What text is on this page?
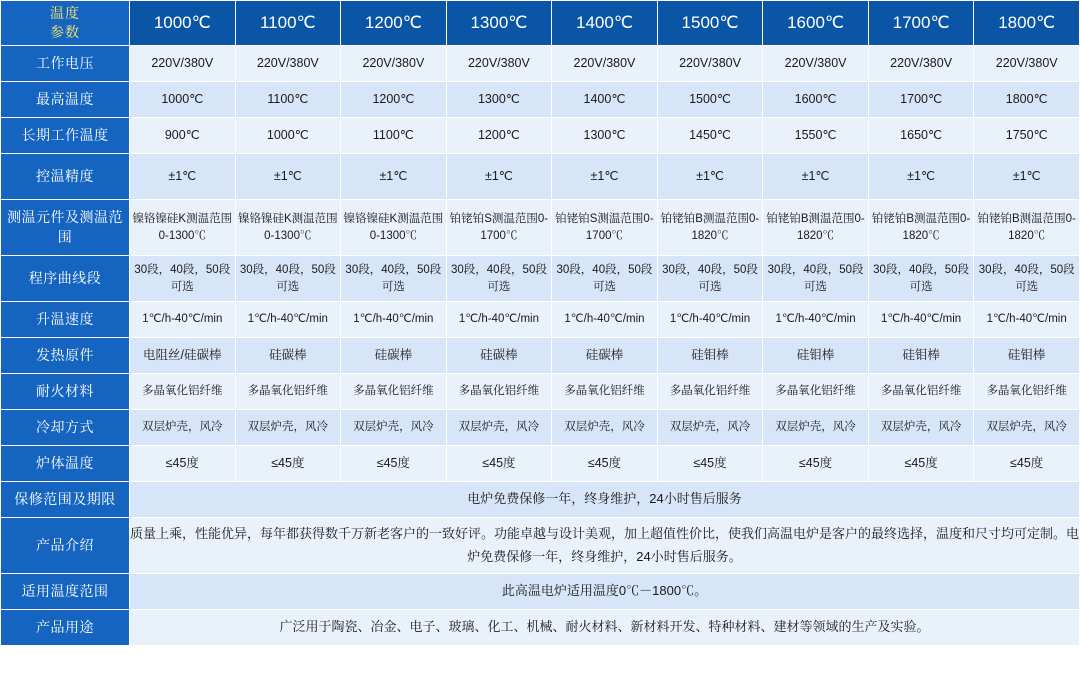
温度
参数	1000℃	1100℃	1200℃	1300℃	1400℃	1500℃	1600℃	1700℃	1800℃
工作电压	220V/380V	220V/380V	220V/380V	220V/380V	220V/380V	220V/380V	220V/380V	220V/380V	220V/380V
最高温度	1000℃	1100℃	1200℃	1300℃	1400℃	1500℃	1600℃	1700℃	1800℃
长期工作温度	900℃	1000℃	1100℃	1200℃	1300℃	1450℃	1550℃	1650℃	1750℃
控温精度	±1℃	±1℃	±1℃	±1℃	±1℃	±1℃	±1℃	±1℃	±1℃
测温元件及测温范围	镍铬镍硅K测温范围0-1300℃	镍铬镍硅K测温范围0-1300℃	镍铬镍硅K测温范围0-1300℃	铂铑铂S测温范围0-1700℃	铂铑铂S测温范围0-1700℃	铂铑铂B测温范围0-1820℃	铂铑铂B测温范围0-1820℃	铂铑铂B测温范围0-1820℃	铂铑铂B测温范围0-1820℃
程序曲线段	30段，40段，50段可选	30段，40段，50段可选	30段，40段，50段可选	30段，40段，50段可选	30段，40段，50段可选	30段，40段，50段可选	30段，40段，50段可选	30段，40段，50段可选	30段，40段，50段可选
升温速度	1℃/h-40℃/min	1℃/h-40℃/min	1℃/h-40℃/min	1℃/h-40℃/min	1℃/h-40℃/min	1℃/h-40℃/min	1℃/h-40℃/min	1℃/h-40℃/min	1℃/h-40℃/min
发热原件	电阻丝/硅碳棒	硅碳棒	硅碳棒	硅碳棒	硅碳棒	硅钼棒	硅钼棒	硅钼棒	硅钼棒
耐火材料	多晶氧化铝纤维	多晶氧化铝纤维	多晶氧化铝纤维	多晶氧化铝纤维	多晶氧化铝纤维	多晶氧化铝纤维	多晶氧化铝纤维	多晶氧化铝纤维	多晶氧化铝纤维
冷却方式	双层炉壳，风冷	双层炉壳，风冷	双层炉壳，风冷	双层炉壳，风冷	双层炉壳，风冷	双层炉壳，风冷	双层炉壳，风冷	双层炉壳，风冷	双层炉壳，风冷
炉体温度	≤45度	≤45度	≤45度	≤45度	≤45度	≤45度	≤45度	≤45度	≤45度
保修范围及期限	电炉免费保修一年，终身维护，24小时售后服务								
产品介绍	质量上乘，性能优异，每年都获得数千万新老客户的一致好评。功能卓越与设计美观，加上超值性价比，使我们高温电炉是客户的最终选择，温度和尺寸均可定制。电炉免费保修一年，终身维护，24小时售后服务。								
适用温度范围	此高温电炉适用温度0℃－1800℃。								
产品用途	广泛用于陶瓷、冶金、电子、玻璃、化工、机械、耐火材料、新材料开发、特种材料、建材等领域的生产及实验。								
